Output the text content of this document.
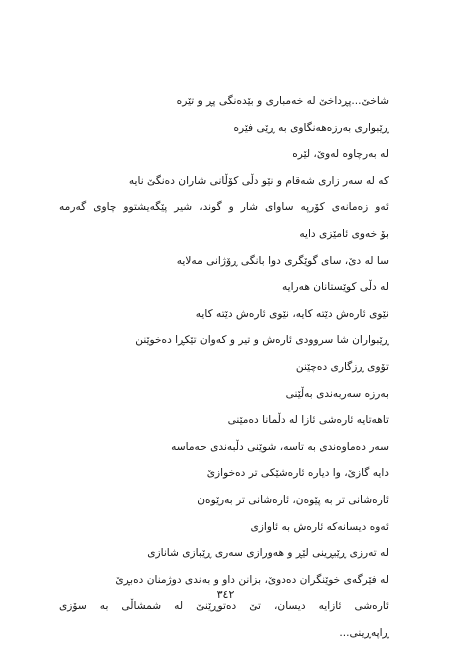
شاخێ...پڕداخێ لە خەمباری و بێدەنگی پڕ و تێرە
ڕێبواری بەرزەهەنگاوی بە ڕێی فێرە
لە بەرچاوە لەوێ، لێرە
کە لە سەر زاری شەقام و نێو دڵی کۆڵانی شاران دەنگێ نایە
ئەو زەمانەی کۆرپە ساوای شار و گوند، شیر پێگەیشتوو چاوی گەرمە
بۆ خەوی ئامێزی دایە
سا لە دێ، سای گوێگری دوا بانگی ڕۆژانی مەلایە
لە دڵی کوێستانان هەرایە
نێوی ئارەش دێتە کایە، نێوی ئارەش دێتە کایە
ڕێبواران شا سروودی ئارەش و تیر و کەوان تێکڕا دەخوێنن
تۆوی ڕزگاری دەچێنن
بەرزە سەربەندی بەڵێنی
تاهەتایە ئارەشی ئازا لە دڵمانا دەمێنی
سەر دەماوەندی بە تاسە، شوێنی دڵبەندی حەماسە
دایە گازێ، وا دیارە ئارەشێکی تر دەخوازێ
ئارەشانی تر بە پێوەن، ئارەشانی تر بەرێوەن
ئەوە دیسانەکە ئارەش بە ئاوازی
لە تەرزی ڕێبڕینی لێڕ و هەورازی سەری ڕێبازی شانازی
لە فێرگەی خوێنگران دەدوێ، بزانن داو و بەندی دوژمنان دەبڕێ
ئارەشی ئازایە دیسان، تێ دەتوڕێنێ لە شمشاڵی بە سۆزی
ڕاپەڕینی...
٣٤٢
